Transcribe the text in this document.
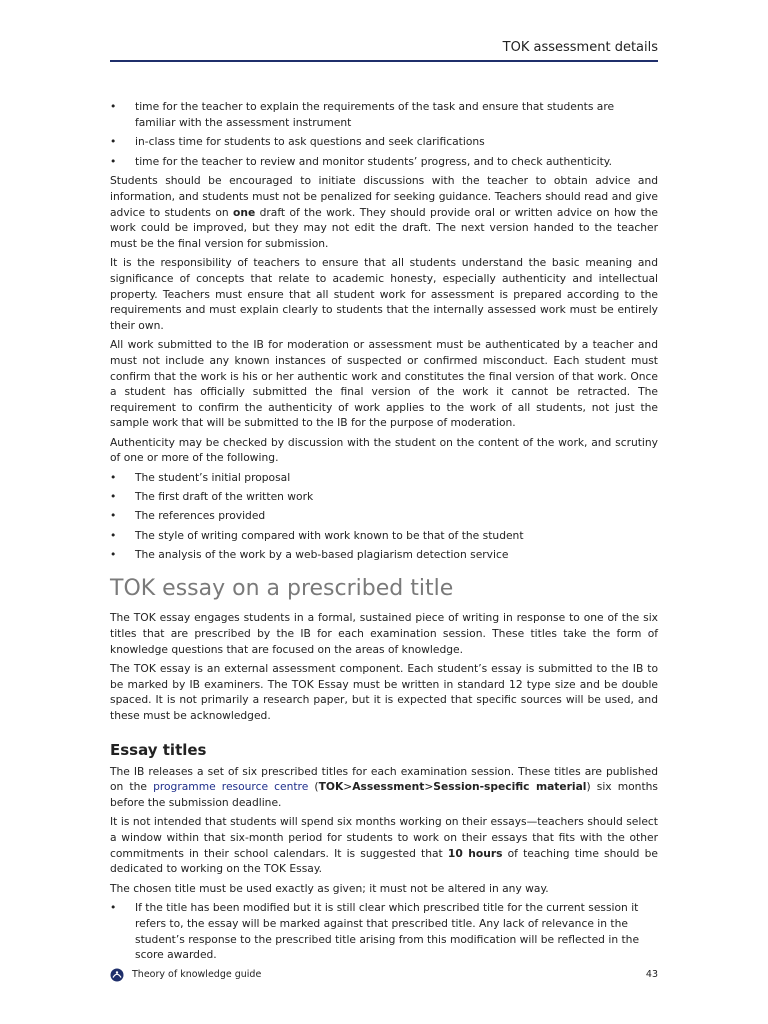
TOK assessment details
• time for the teacher to explain the requirements of the task and ensure that students are familiar with the assessment instrument
• in-class time for students to ask questions and seek clarifications
• time for the teacher to review and monitor students’ progress, and to check authenticity.

Students should be encouraged to initiate discussions with the teacher to obtain advice and information, and students must not be penalized for seeking guidance. Teachers should read and give advice to students on one draft of the work. They should provide oral or written advice on how the work could be improved, but they may not edit the draft. The next version handed to the teacher must be the final version for submission.

It is the responsibility of teachers to ensure that all students understand the basic meaning and significance of concepts that relate to academic honesty, especially authenticity and intellectual property. Teachers must ensure that all student work for assessment is prepared according to the requirements and must explain clearly to students that the internally assessed work must be entirely their own.

All work submitted to the IB for moderation or assessment must be authenticated by a teacher and must not include any known instances of suspected or confirmed misconduct. Each student must confirm that the work is his or her authentic work and constitutes the final version of that work. Once a student has officially submitted the final version of the work it cannot be retracted. The requirement to confirm the authenticity of work applies to the work of all students, not just the sample work that will be submitted to the IB for the purpose of moderation.

Authenticity may be checked by discussion with the student on the content of the work, and scrutiny of one or more of the following.

• The student’s initial proposal
• The first draft of the written work
• The references provided
• The style of writing compared with work known to be that of the student
• The analysis of the work by a web-based plagiarism detection service
TOK essay on a prescribed title

The TOK essay engages students in a formal, sustained piece of writing in response to one of the six titles that are prescribed by the IB for each examination session. These titles take the form of knowledge questions that are focused on the areas of knowledge.

The TOK essay is an external assessment component. Each student’s essay is submitted to the IB to be marked by IB examiners. The TOK Essay must be written in standard 12 type size and be double spaced. It is not primarily a research paper, but it is expected that specific sources will be used, and these must be acknowledged.

Essay titles

The IB releases a set of six prescribed titles for each examination session. These titles are published on the programme resource centre (TOK>Assessment>Session-specific material) six months before the submission deadline.

It is not intended that students will spend six months working on their essays—teachers should select a window within that six-month period for students to work on their essays that fits with the other commitments in their school calendars. It is suggested that 10 hours of teaching time should be dedicated to working on the TOK Essay.

The chosen title must be used exactly as given; it must not be altered in any way.

• If the title has been modified but it is still clear which prescribed title for the current session it refers to, the essay will be marked against that prescribed title. Any lack of relevance in the student’s response to the prescribed title arising from this modification will be reflected in the score awarded.
Theory of knowledge guide	43
